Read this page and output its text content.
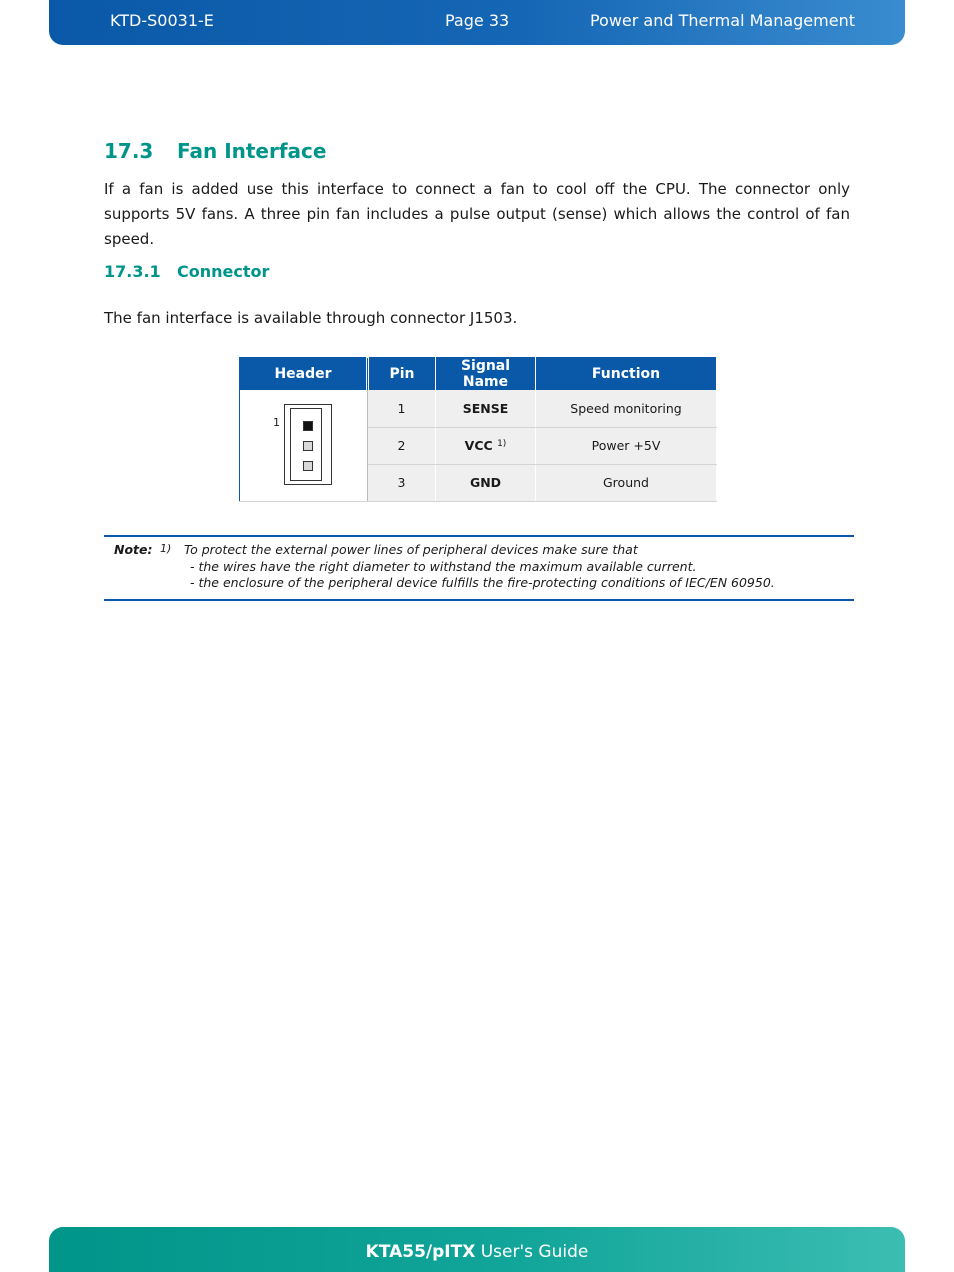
KTD-S0031-E	Page 33	Power and Thermal Management
17.3 Fan Interface

If a fan is added use this interface to connect a fan to cool off the CPU. The connector only supports 5V fans. A three pin fan includes a pulse output (sense) which allows the control of fan speed.

17.3.1 Connector

The fan interface is available through connector J1503.

Header	Pin	Signal Name	Function

1	1	SENSE	Speed monitoring
	2	VCC $^{1)}$	Power +5V
	3	GND	Ground
Note: 1) To protect the external power lines of peripheral devices make sure that
- the wires have the right diameter to withstand the maximum available current.
- the enclosure of the peripheral device fulfills the fire-protecting conditions of IEC/EN 60950.
KTA55/pITX User's Guide
